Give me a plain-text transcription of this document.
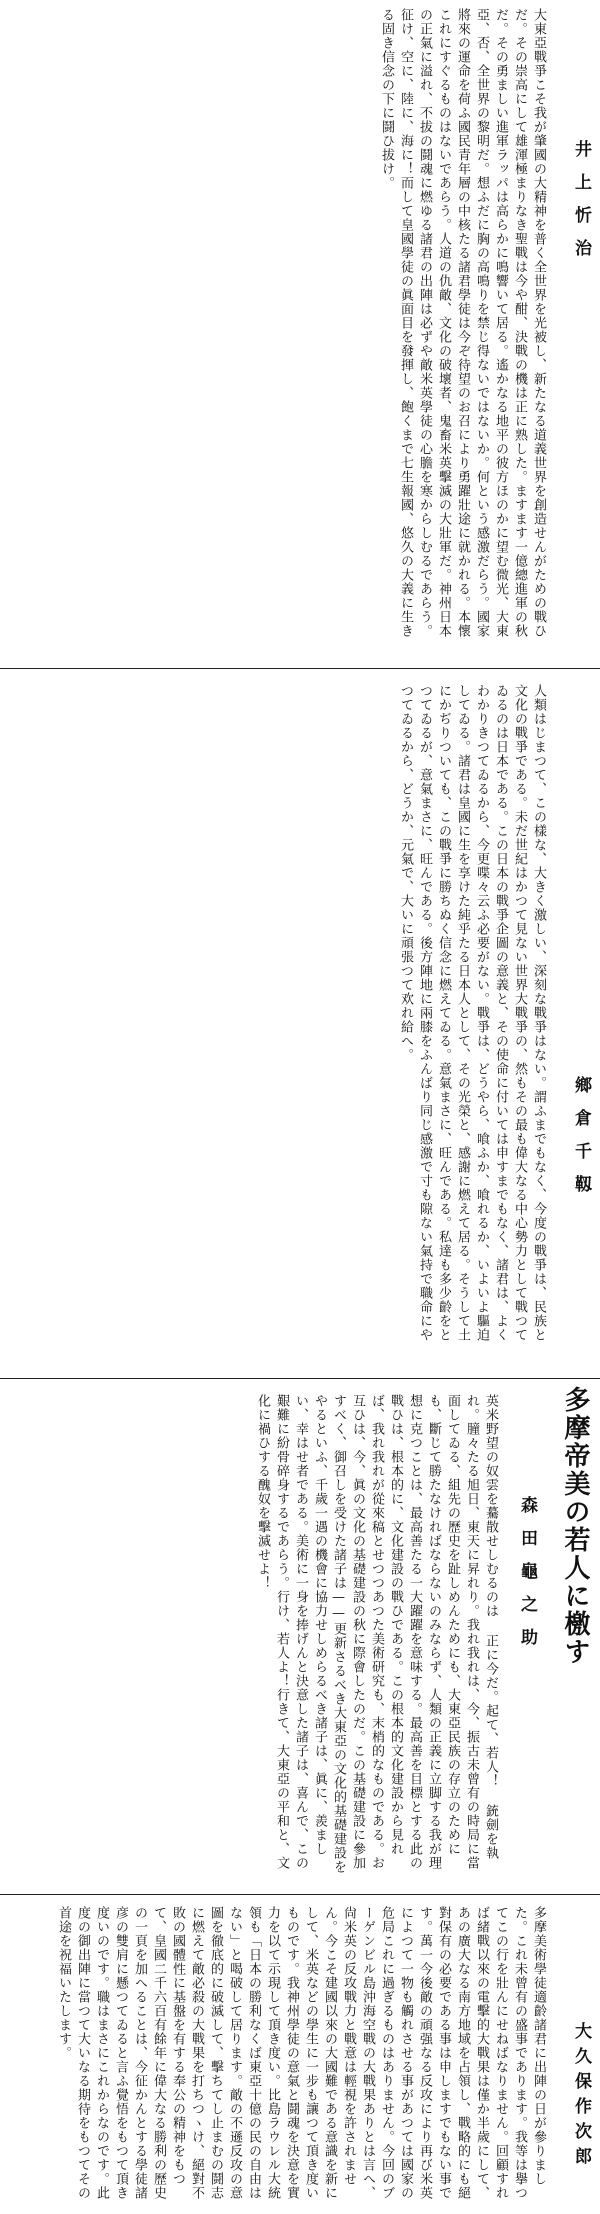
井上忻治
大東亞戰爭こそ我が肇國の大精神を普く全世界を光被し、新たなる道義世界を創造せんがための戰ひだ。その崇高にして雄渾極まりなき聖戰は今や酣、決戰の機は正に熟した。ますます一億總進軍の秋だ。その勇ましい進軍ラッパは高らかに鳴響いて居る。遙かなる地平の彼方ほのかに望む微光、大東亞、否、全世界の黎明だ。想ふだに胸の高鳴りを禁じ得ないではないか。何という感激だらう。國家將來の運命を荷ふ國民青年層の中核たる諸君學徒は今ぞ待望のお召により勇躍壯途に就かれる。本懷これにすぐるものはないであらう。人道の仇敵、文化の破壞者、鬼畜米英擊滅の大壯軍だ。神州日本の正氣に溢れ、不拔の鬪魂に燃ゆる諸君の出陣は必ずや敵米英學徒の心膽を寒からしむるであらう。征け、空に、陸に、海に！而して皇國學徒の眞面目を發揮し、飽くまで七生報國、悠久の大義に生きる固き信念の下に鬪ひ拔け。
鄉倉千靱
人類はじまつて、この樣な、大きく激しい、深刻な戰爭はない。謂ふまでもなく、今度の戰爭は、民族と文化の戰爭である。未だ世紀はかつて見ない世界大戰爭の、然もその最も偉大なる中心勢力として戰つてゐるのは日本である。この日本の戰爭企圖の意義と、その使命に付いては申すまでもなく、諸君は、よくわかりきつてゐるから、今更喋々云ふ必要がない。戰爭は、どうやら、喰ふか、喰れるか、いよいよ驅迫してゐる。諸君は皇國に生を享けた純乎たる日本人として、その光榮と、感謝に燃えて居る。そうして土にかぢりついても、この戰爭に勝ちぬく信念に燃えてゐる。意氣まさに、旺んである。私達も多少齡をとつてゐるが、意氣まさに、旺んである。後方陣地に兩膝をふんばり同じ感激で寸も隙ない氣持で職命にやつてゐるから、どうか、元氣で、大いに頑張つて欢れ給へ。
多摩帝美の若人に檄す
森田龜之助
英米野望の奴雲を驀散せしむるのは 正に今だ。起て、若人！ 銃劍を執れ。朣々たる旭日、東天に昇れり。我れ我れは、今、振古未曾有の時局に當面してゐる、組先の歷史を趾しめんためにも、大東亞民族の存立のためにも、斷じて勝たなければならないのみならず、人類の正義に立脚する我が理想に克つことは、最高善たる一大躍躍を意味する。最高善を目標とする此の戰ひは、根本的に、文化建設の戰ひである。この根本的文化建設から見れば、我れ我れが從來稿とせつつあつた美術研究も、末梢的なものである。お互ひは、今、眞の文化の基礎建設の秋に際會したのだ。この基礎建設に參加すべく、御召しを受けた諸子は——更新さるべき大東亞の文化的基礎建設をやるといふ、千歲一遇の機會に協力せしめらるべき諸子は、眞に、羨ましい、幸はせ者である。美術に一身を捧げんと決意した諸子は、喜んで、この艱難に紛骨碎身するであらう。行け、若人よ！行きて、大東亞の平和と、文化に禍ひする醜奴を擊滅せよ！
大久保作次郎
多摩美術學徒適齡諸君に出陣の日が參りました。これ未曾有の盛事であります。我等は擧つてこの行を壯んにせねばなりません。回顧すれば緒戰以來の電擊的大戰果は僅か半歲にして、あの廣大なる南方地域を占領し、戰略的にも絕對保有の必要である事は申しますでもない事です。萬一今後敵の頑强なる反攻により再び米英によつて一物も觸れさせる事があつては國家の危局これに過ぎるものはありません。今回のブーゲンビル島沖海空戰の大戰果ありとは言へ、尙米英の反攻戰力と戰意は輕視を許されません。今こそ建國以來の大國難である意識を新にして、米英などの學生に一步も讓つて頂き度いものです。我神州學徒の意氣と鬪魂を決意を實力を以て示現して頂き度い。比島ラウレル大統領も「日本の勝利なくば東亞十億の民の自由はない」と喝破して居ります。敵の不遜反攻の意圖を徹底的に破滅して、擊ちてし止まむの鬪志に燃えて敵必殺の大戰果を打ちつヽけ、絕對不敗の國體性に基盤を有する奉公の精神をもつて、皇國二千六百有餘年に偉大なる勝利の歷史の一頁を加へることは、今征かんとする學徒諸彦の雙肩に懸つてゐると言ふ覺悟をもつて頂き度いのです。職はまさにこれからなのです。此度の御出陣に當つて大いなる期待をもつてその首途を祝福いたします。
